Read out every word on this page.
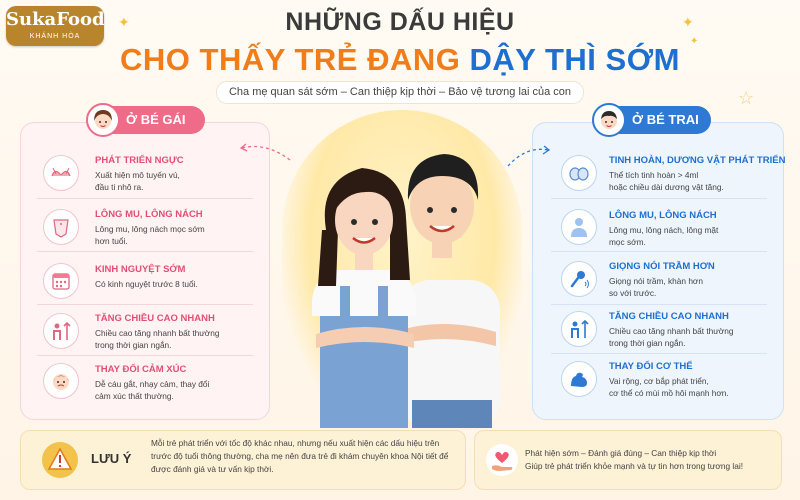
SukaFood
KHÁNH HÒA
✦	✦
✦
☆
NHỮNG DẤU HIỆU
CHO THẤY TRẺ ĐANG DẬY THÌ SỚM
Cha mẹ quan sát sớm – Can thiệp kịp thời – Bảo vệ tương lai của con
PHÁT TRIỂN NGỰC
Xuất hiện mô tuyến vú,
đầu ti nhô ra.
LÔNG MU, LÔNG NÁCH
Lông mu, lông nách mọc sớm
hơn tuổi.
KINH NGUYỆT SỚM
Có kinh nguyệt trước 8 tuổi.
TĂNG CHIỀU CAO NHANH
Chiều cao tăng nhanh bất thường
trong thời gian ngắn.
THAY ĐỔI CẢM XÚC
Dễ cáu gắt, nhạy cảm, thay đổi
cảm xúc thất thường.
Ở BÉ GÁI
TINH HOÀN, DƯƠNG VẬT PHÁT TRIỂN
Thể tích tinh hoàn > 4ml
hoặc chiều dài dương vật tăng.
LÔNG MU, LÔNG NÁCH
Lông mu, lông nách, lông mặt
mọc sớm.
GIỌNG NÓI TRẦM HƠN
Giọng nói trầm, khàn hơn
so với trước.
TĂNG CHIỀU CAO NHANH
Chiều cao tăng nhanh bất thường
trong thời gian ngắn.
THAY ĐỔI CƠ THỂ
Vai rộng, cơ bắp phát triển,
cơ thể có mùi mồ hôi mạnh hơn.
Ở BÉ TRAI
LƯU Ý
Mỗi trẻ phát triển với tốc độ khác nhau, nhưng nếu xuất hiện các dấu hiệu trên trước độ tuổi thông thường, cha mẹ nên đưa trẻ đi khám chuyên khoa Nội tiết để được đánh giá và tư vấn kịp thời.
Phát hiện sớm – Đánh giá đúng – Can thiệp kịp thời
Giúp trẻ phát triển khỏe mạnh và tự tin hơn trong tương lai!
